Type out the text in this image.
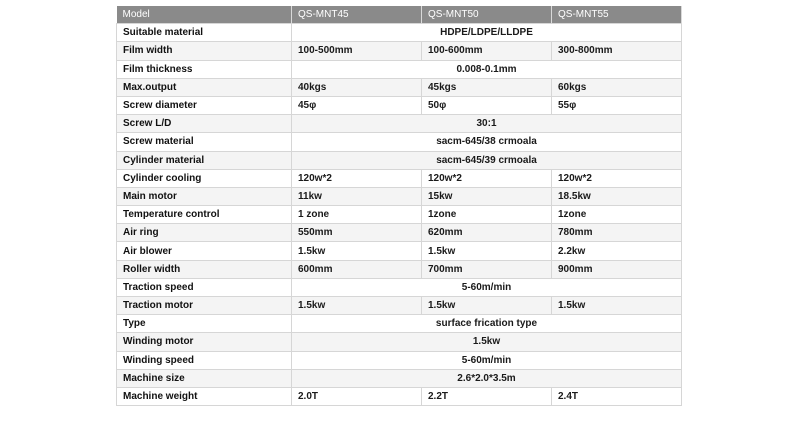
Model	QS-MNT45	QS-MNT50	QS-MNT55
Suitable material	HDPE/LDPE/LLDPE		
Film width	100-500mm	100-600mm	300-800mm
Film thickness	0.008-0.1mm		
Max.output	40kgs	45kgs	60kgs
Screw diameter	45φ	50φ	55φ
Screw L/D	30:1		
Screw material	sacm-645/38 crmoala		
Cylinder material	sacm-645/39 crmoala		
Cylinder cooling	120w*2	120w*2	120w*2
Main motor	11kw	15kw	18.5kw
Temperature control	1 zone	1zone	1zone
Air ring	550mm	620mm	780mm
Air blower	1.5kw	1.5kw	2.2kw
Roller width	600mm	700mm	900mm
Traction speed	5-60m/min		
Traction motor	1.5kw	1.5kw	1.5kw
Type	surface frication type		
Winding motor	1.5kw		
Winding speed	5-60m/min		
Machine size	2.6*2.0*3.5m		
Machine weight	2.0T	2.2T	2.4T
